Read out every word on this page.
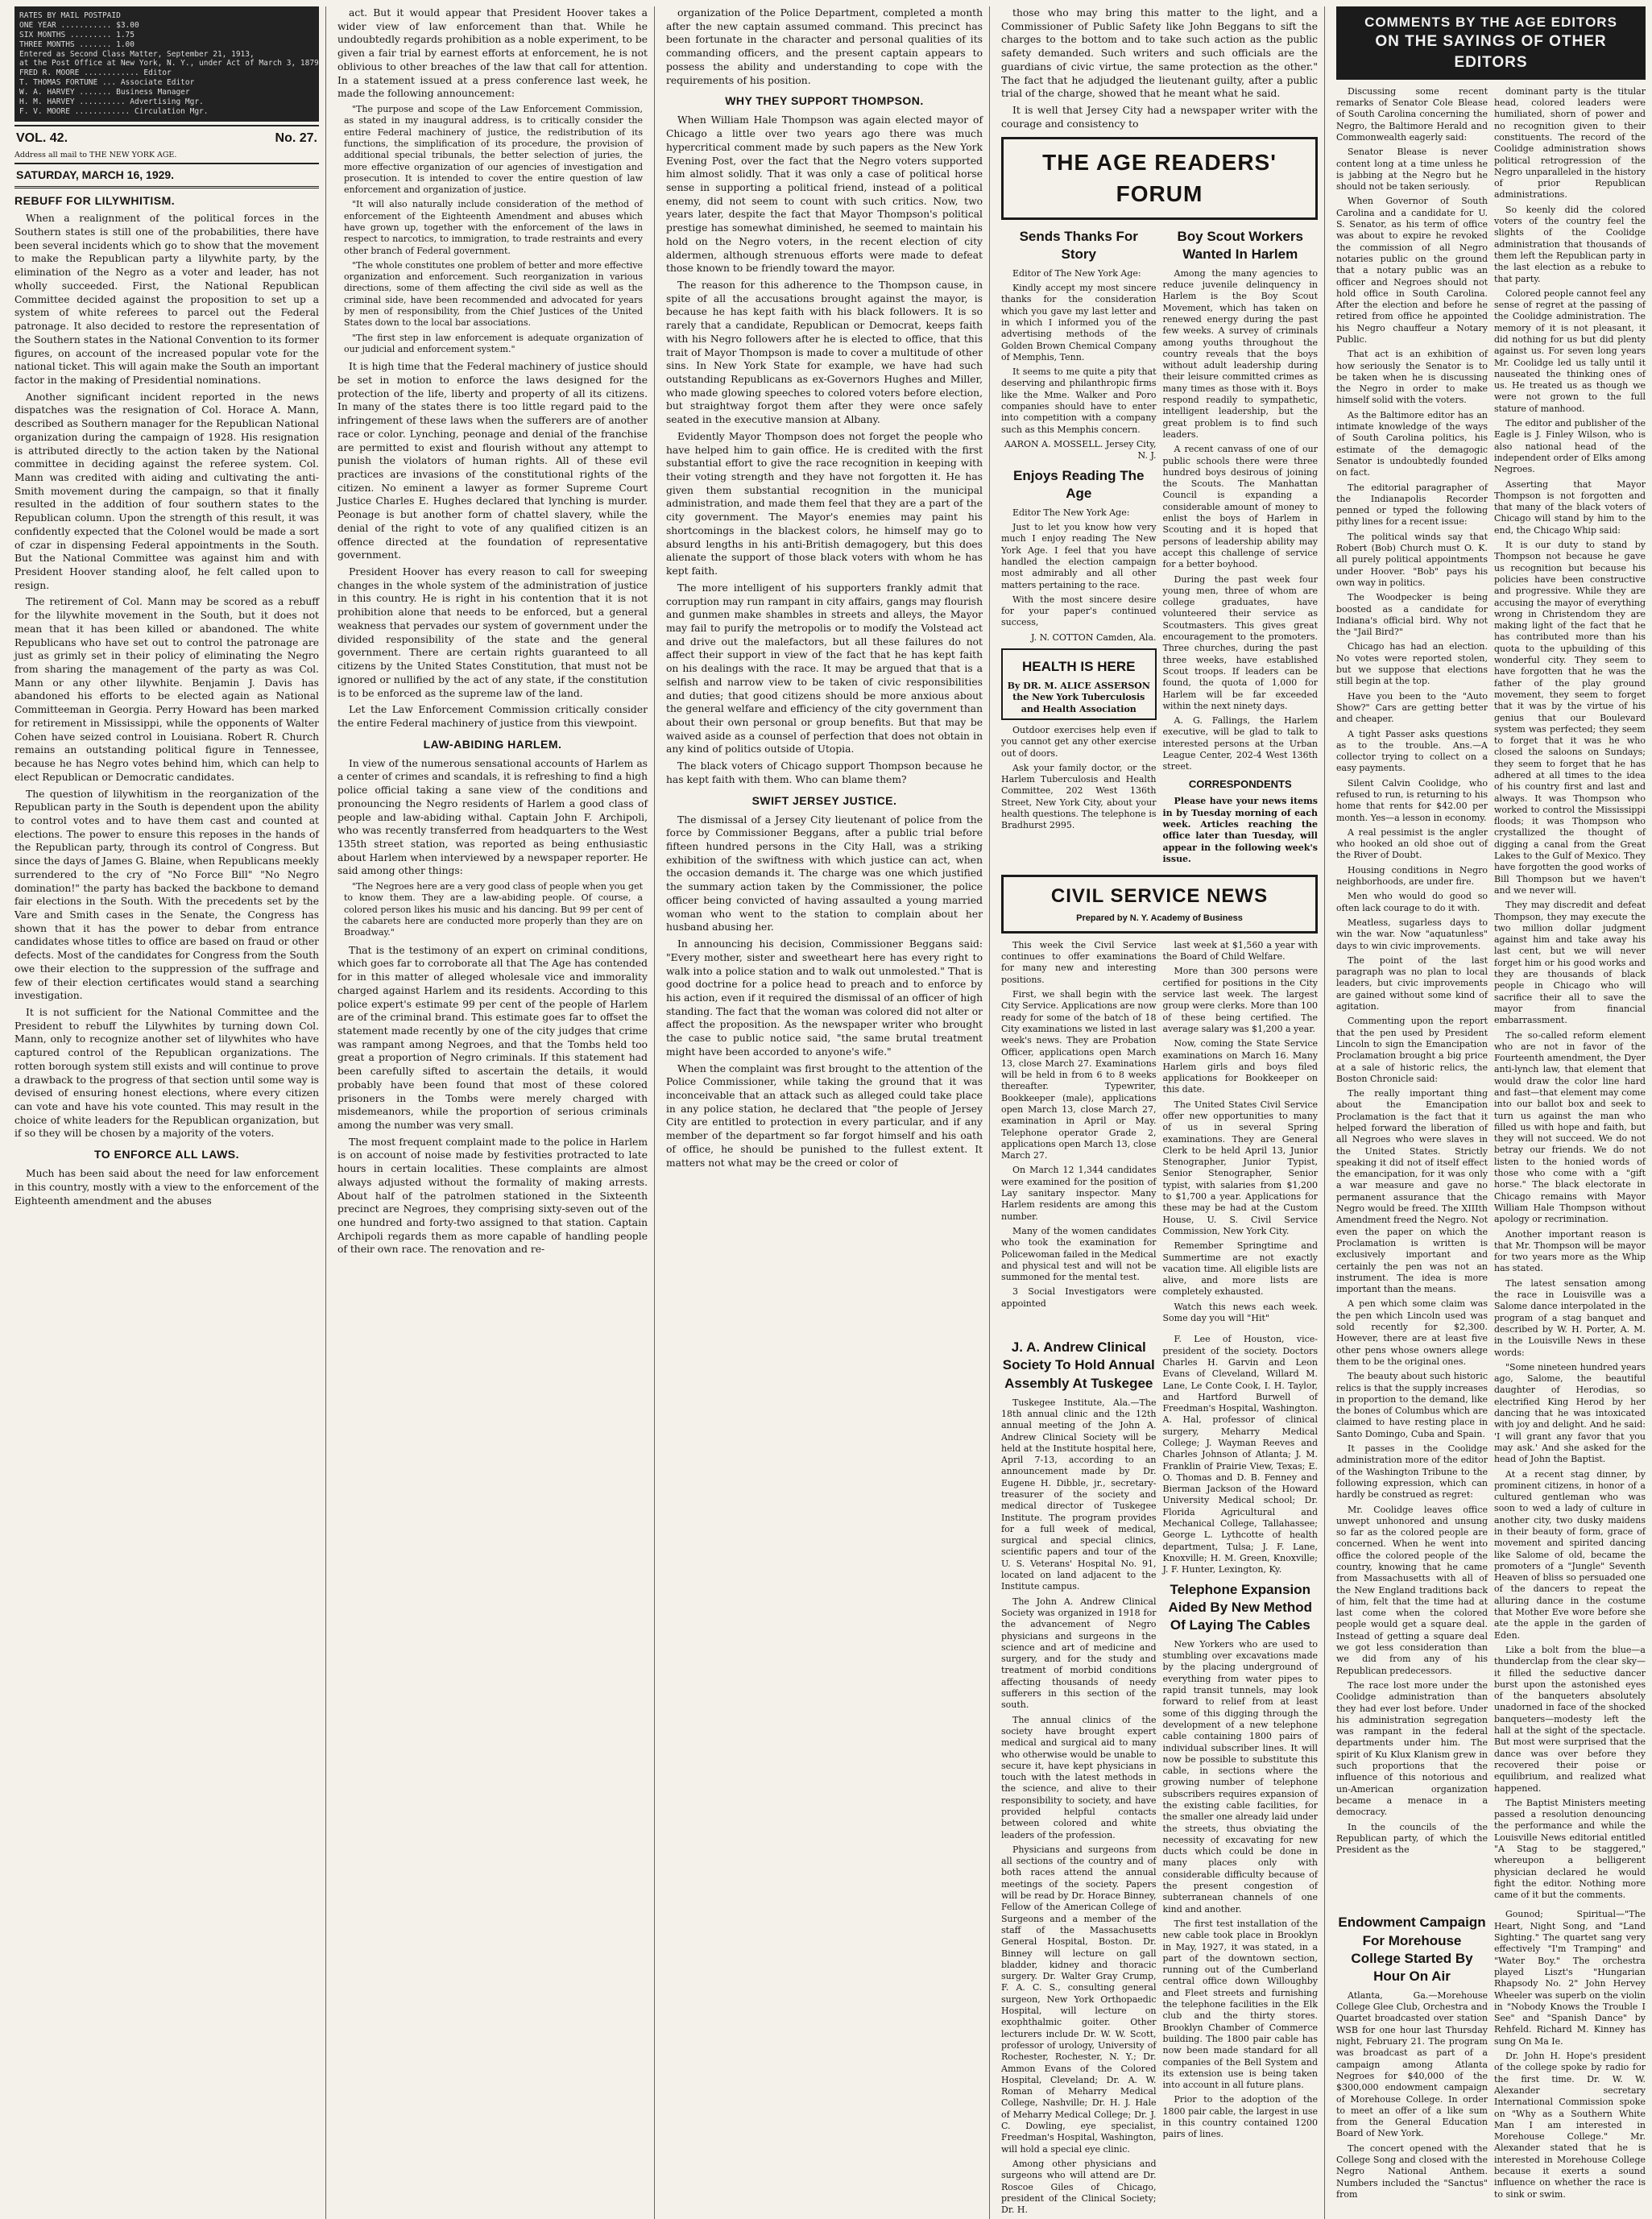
RATES BY MAIL POSTPAID
ONE YEAR ........... $3.00
SIX MONTHS ......... 1.75
THREE MONTHS ....... 1.00
Entered as Second Class Matter, September 21, 1913,
at the Post Office at New York, N. Y., under Act of March 3, 1879
FRED R. MOORE ............ Editor
T. THOMAS FORTUNE ... Associate Editor
W. A. HARVEY ....... Business Manager
H. M. HARVEY .......... Advertising Mgr.
F. V. MOORE ............ Circulation Mgr.
VOL. 42.	No. 27.
Address all mail to THE NEW YORK AGE.
SATURDAY, MARCH 16, 1929.
REBUFF FOR LILYWHITISM.

When a realignment of the political forces in the Southern states is still one of the probabilities, there have been several incidents which go to show that the movement to make the Republican party a lilywhite party, by the elimination of the Negro as a voter and leader, has not wholly succeeded. First, the National Republican Committee decided against the proposition to set up a system of white referees to parcel out the Federal patronage. It also decided to restore the representation of the Southern states in the National Convention to its former figures, on account of the increased popular vote for the national ticket. This will again make the South an important factor in the making of Presidential nominations.

Another significant incident reported in the news dispatches was the resignation of Col. Horace A. Mann, described as Southern manager for the Republican National organization during the campaign of 1928. His resignation is attributed directly to the action taken by the National committee in deciding against the referee system. Col. Mann was credited with aiding and cultivating the anti-Smith movement during the campaign, so that it finally resulted in the addition of four southern states to the Republican column. Upon the strength of this result, it was confidently expected that the Colonel would be made a sort of czar in dispensing Federal appointments in the South. But the National Committee was against him and with President Hoover standing aloof, he felt called upon to resign.

The retirement of Col. Mann may be scored as a rebuff for the lilywhite movement in the South, but it does not mean that it has been killed or abandoned. The white Republicans who have set out to control the patronage are just as grimly set in their policy of eliminating the Negro from sharing the management of the party as was Col. Mann or any other lilywhite. Benjamin J. Davis has abandoned his efforts to be elected again as National Committeeman in Georgia. Perry Howard has been marked for retirement in Mississippi, while the opponents of Walter Cohen have seized control in Louisiana. Robert R. Church remains an outstanding political figure in Tennessee, because he has Negro votes behind him, which can help to elect Republican or Democratic candidates.

The question of lilywhitism in the reorganization of the Republican party in the South is dependent upon the ability to control votes and to have them cast and counted at elections. The power to ensure this reposes in the hands of the Republican party, through its control of Congress. But since the days of James G. Blaine, when Republicans meekly surrendered to the cry of "No Force Bill" "No Negro domination!" the party has backed the backbone to demand fair elections in the South. With the precedents set by the Vare and Smith cases in the Senate, the Congress has shown that it has the power to debar from entrance candidates whose titles to office are based on fraud or other defects. Most of the candidates for Congress from the South owe their election to the suppression of the suffrage and few of their election certificates would stand a searching investigation.

It is not sufficient for the National Committee and the President to rebuff the Lilywhites by turning down Col. Mann, only to recognize another set of lilywhites who have captured control of the Republican organizations. The rotten borough system still exists and will continue to prove a drawback to the progress of that section until some way is devised of ensuring honest elections, where every citizen can vote and have his vote counted. This may result in the choice of white leaders for the Republican organization, but if so they will be chosen by a majority of the voters.

TO ENFORCE ALL LAWS.

Much has been said about the need for law enforcement in this country, mostly with a view to the enforcement of the Eighteenth amendment and the abuses

act. But it would appear that President Hoover takes a wider view of law enforcement than that. While he undoubtedly regards prohibition as a noble experiment, to be given a fair trial by earnest efforts at enforcement, he is not oblivious to other breaches of the law that call for attention. In a statement issued at a press conference last week, he made the following announcement:

"The purpose and scope of the Law Enforcement Commission, as stated in my inaugural address, is to critically consider the entire Federal machinery of justice, the redistribution of its functions, the simplification of its procedure, the provision of additional special tribunals, the better selection of juries, the more effective organization of our agencies of investigation and prosecution. It is intended to cover the entire question of law enforcement and organization of justice.

"It will also naturally include consideration of the method of enforcement of the Eighteenth Amendment and abuses which have grown up, together with the enforcement of the laws in respect to narcotics, to immigration, to trade restraints and every other branch of Federal government.

"The whole constitutes one problem of better and more effective organization and enforcement. Such reorganization in various directions, some of them affecting the civil side as well as the criminal side, have been recommended and advocated for years by men of responsibility, from the Chief Justices of the United States down to the local bar associations.

"The first step in law enforcement is adequate organization of our judicial and enforcement system."

It is high time that the Federal machinery of justice should be set in motion to enforce the laws designed for the protection of the life, liberty and property of all its citizens. In many of the states there is too little regard paid to the infringement of these laws when the sufferers are of another race or color. Lynching, peonage and denial of the franchise are permitted to exist and flourish without any attempt to punish the violators of human rights. All of these evil practices are invasions of the constitutional rights of the citizen. No eminent a lawyer as former Supreme Court Justice Charles E. Hughes declared that lynching is murder. Peonage is but another form of chattel slavery, while the denial of the right to vote of any qualified citizen is an offence directed at the foundation of representative government.

President Hoover has every reason to call for sweeping changes in the whole system of the administration of justice in this country. He is right in his contention that it is not prohibition alone that needs to be enforced, but a general weakness that pervades our system of government under the divided responsibility of the state and the general government. There are certain rights guaranteed to all citizens by the United States Constitution, that must not be ignored or nullified by the act of any state, if the constitution is to be enforced as the supreme law of the land.

Let the Law Enforcement Commission critically consider the entire Federal machinery of justice from this viewpoint.

LAW-ABIDING HARLEM.

In view of the numerous sensational accounts of Harlem as a center of crimes and scandals, it is refreshing to find a high police official taking a sane view of the conditions and pronouncing the Negro residents of Harlem a good class of people and law-abiding withal. Captain John F. Archipoli, who was recently transferred from headquarters to the West 135th street station, was reported as being enthusiastic about Harlem when interviewed by a newspaper reporter. He said among other things:

"The Negroes here are a very good class of people when you get to know them. They are a law-abiding people. Of course, a colored person likes his music and his dancing. But 99 per cent of the cabarets here are conducted more properly than they are on Broadway."

That is the testimony of an expert on criminal conditions, which goes far to corroborate all that The Age has contended for in this matter of alleged wholesale vice and immorality charged against Harlem and its residents. According to this police expert's estimate 99 per cent of the people of Harlem are of the criminal brand. This estimate goes far to offset the statement made recently by one of the city judges that crime was rampant among Negroes, and that the Tombs held too great a proportion of Negro criminals. If this statement had been carefully sifted to ascertain the details, it would probably have been found that most of these colored prisoners in the Tombs were merely charged with misdemeanors, while the proportion of serious criminals among the number was very small.

The most frequent complaint made to the police in Harlem is on account of noise made by festivities protracted to late hours in certain localities. These complaints are almost always adjusted without the formality of making arrests. About half of the patrolmen stationed in the Sixteenth precinct are Negroes, they comprising sixty-seven out of the one hundred and forty-two assigned to that station. Captain Archipoli regards them as more capable of handling people of their own race. The renovation and re-

organization of the Police Department, completed a month after the new captain assumed command. This precinct has been fortunate in the character and personal qualities of its commanding officers, and the present captain appears to possess the ability and understanding to cope with the requirements of his position.

WHY THEY SUPPORT THOMPSON.

When William Hale Thompson was again elected mayor of Chicago a little over two years ago there was much hypercritical comment made by such papers as the New York Evening Post, over the fact that the Negro voters supported him almost solidly. That it was only a case of political horse sense in supporting a political friend, instead of a political enemy, did not seem to count with such critics. Now, two years later, despite the fact that Mayor Thompson's political prestige has somewhat diminished, he seemed to maintain his hold on the Negro voters, in the recent election of city aldermen, although strenuous efforts were made to defeat those known to be friendly toward the mayor.

The reason for this adherence to the Thompson cause, in spite of all the accusations brought against the mayor, is because he has kept faith with his black followers. It is so rarely that a candidate, Republican or Democrat, keeps faith with his Negro followers after he is elected to office, that this trait of Mayor Thompson is made to cover a multitude of other sins. In New York State for example, we have had such outstanding Republicans as ex-Governors Hughes and Miller, who made glowing speeches to colored voters before election, but straightway forgot them after they were once safely seated in the executive mansion at Albany.

Evidently Mayor Thompson does not forget the people who have helped him to gain office. He is credited with the first substantial effort to give the race recognition in keeping with their voting strength and they have not forgotten it. He has given them substantial recognition in the municipal administration, and made them feel that they are a part of the city government. The Mayor's enemies may paint his shortcomings in the blackest colors, he himself may go to absurd lengths in his anti-British demagogery, but this does alienate the support of those black voters with whom he has kept faith.

The more intelligent of his supporters frankly admit that corruption may run rampant in city affairs, gangs may flourish and gunmen make shambles in streets and alleys, the Mayor may fail to purify the metropolis or to modify the Volstead act and drive out the malefactors, but all these failures do not affect their support in view of the fact that he has kept faith on his dealings with the race. It may be argued that that is a selfish and narrow view to be taken of civic responsibilities and duties; that good citizens should be more anxious about the general welfare and efficiency of the city government than about their own personal or group benefits. But that may be waived aside as a counsel of perfection that does not obtain in any kind of politics outside of Utopia.

The black voters of Chicago support Thompson because he has kept faith with them. Who can blame them?

SWIFT JERSEY JUSTICE.

The dismissal of a Jersey City lieutenant of police from the force by Commissioner Beggans, after a public trial before fifteen hundred persons in the City Hall, was a striking exhibition of the swiftness with which justice can act, when the occasion demands it. The charge was one which justified the summary action taken by the Commissioner, the police officer being convicted of having assaulted a young married woman who went to the station to complain about her husband abusing her.

In announcing his decision, Commissioner Beggans said: "Every mother, sister and sweetheart here has every right to walk into a police station and to walk out unmolested." That is good doctrine for a police head to preach and to enforce by his action, even if it required the dismissal of an officer of high standing. The fact that the woman was colored did not alter or affect the proposition. As the newspaper writer who brought the case to public notice said, "the same brutal treatment might have been accorded to anyone's wife."

When the complaint was first brought to the attention of the Police Commissioner, while taking the ground that it was inconceivable that an attack such as alleged could take place in any police station, he declared that "the people of Jersey City are entitled to protection in every particular, and if any member of the department so far forgot himself and his oath of office, he should be punished to the fullest extent. It matters not what may be the creed or color of

those who may bring this matter to the light, and a Commissioner of Public Safety like John Beggans to sift the charges to the bottom and to take such action as the public safety demanded. Such writers and such officials are the guardians of civic virtue, the same protection as the other." The fact that he adjudged the lieutenant guilty, after a public trial of the charge, showed that he meant what he said.

It is well that Jersey City had a newspaper writer with the courage and consistency to

THE AGE READERS' FORUM
Sends Thanks For Story

Editor of The New York Age:

Kindly accept my most sincere thanks for the consideration which you gave my last letter and in which I informed you of the advertising methods of the Golden Brown Chemical Company of Memphis, Tenn.

It seems to me quite a pity that deserving and philanthropic firms like the Mme. Walker and Poro companies should have to enter into competition with a company such as this Memphis concern.

AARON A. MOSSELL. Jersey City, N. J.
Enjoys Reading The Age

Editor The New York Age:

Just to let you know how very much I enjoy reading The New York Age. I feel that you have handled the election campaign most admirably and all other matters pertaining to the race.

With the most sincere desire for your paper's continued success,

J. N. COTTON Camden, Ala.
HEALTH IS HERE
By DR. M. ALICE ASSERSON the New York Tuberculosis and Health Association

Outdoor exercises help even if you cannot get any other exercise out of doors.

Ask your family doctor, or the Harlem Tuberculosis and Health Committee, 202 West 136th Street, New York City, about your health questions. The telephone is Bradhurst 2995.

Boy Scout Workers Wanted In Harlem

Among the many agencies to reduce juvenile delinquency in Harlem is the Boy Scout Movement, which has taken on renewed energy during the past few weeks. A survey of criminals among youths throughout the country reveals that the boys without adult leadership during their leisure committed crimes as many times as those with it. Boys respond readily to sympathetic, intelligent leadership, but the great problem is to find such leaders.

A recent canvass of one of our public schools there were three hundred boys desirous of joining the Scouts. The Manhattan Council is expanding a considerable amount of money to enlist the boys of Harlem in Scouting and it is hoped that persons of leadership ability may accept this challenge of service for a better boyhood.

During the past week four young men, three of whom are college graduates, have volunteered their service as Scoutmasters. This gives great encouragement to the promoters. Three churches, during the past three weeks, have established Scout troops. If leaders can be found, the quota of 1,000 for Harlem will be far exceeded within the next ninety days.

A. G. Fallings, the Harlem executive, will be glad to talk to interested persons at the Urban League Center, 202-4 West 136th street.

CORRESPONDENTS

Please have your news items in by Tuesday morning of each week. Articles reaching the office later than Tuesday, will appear in the following week's issue.

CIVIL SERVICE NEWS
Prepared by N. Y. Academy of Business

This week the Civil Service continues to offer examinations for many new and interesting positions.

First, we shall begin with the City Service. Applications are now ready for some of the batch of 18 City examinations we listed in last week's news. They are Probation Officer, applications open March 13, close March 27. Examinations will be held in from 6 to 8 weeks thereafter. Typewriter, Bookkeeper (male), applications open March 13, close March 27, examination in April or May. Telephone operator Grade 2, applications open March 13, close March 27.

On March 12 1,344 candidates were examined for the position of Lay sanitary inspector. Many Harlem residents are among this number.

Many of the women candidates who took the examination for Policewoman failed in the Medical and physical test and will not be summoned for the mental test.

3 Social Investigators were appointed

last week at $1,560 a year with the Board of Child Welfare.

More than 300 persons were certified for positions in the City service last week. The largest group were clerks. More than 100 of these being certified. The average salary was $1,200 a year.

Now, coming the State Service examinations on March 16. Many Harlem girls and boys filed applications for Bookkeeper on this date.

The United States Civil Service offer new opportunities to many of us in several Spring examinations. They are General Clerk to be held April 13, Junior Stenographer, Junior Typist, Senior Stenographer, Senior typist, with salaries from $1,200 to $1,700 a year. Applications for these may be had at the Custom House, U. S. Civil Service Commission, New York City.

Remember Springtime and Summertime are not exactly vacation time. All eligible lists are alive, and more lists are completely exhausted.

Watch this news each week. Some day you will "Hit"

J. A. Andrew Clinical Society To Hold Annual Assembly At Tuskegee

Tuskegee Institute, Ala.—The 18th annual clinic and the 12th annual meeting of the John A. Andrew Clinical Society will be held at the Institute hospital here, April 7-13, according to an announcement made by Dr. Eugene H. Dibble, jr., secretary-treasurer of the society and medical director of Tuskegee Institute. The program provides for a full week of medical, surgical and special clinics, scientific papers and tour of the U. S. Veterans' Hospital No. 91, located on land adjacent to the Institute campus.

The John A. Andrew Clinical Society was organized in 1918 for the advancement of Negro physicians and surgeons in the science and art of medicine and surgery, and for the study and treatment of morbid conditions affecting thousands of needy sufferers in this section of the south.

The annual clinics of the society have brought expert medical and surgical aid to many who otherwise would be unable to secure it, have kept physicians in touch with the latest methods in the science, and alive to their responsibility to society, and have provided helpful contacts between colored and white leaders of the profession.

Physicians and surgeons from all sections of the country and of both races attend the annual meetings of the society. Papers will be read by Dr. Horace Binney, Fellow of the American College of Surgeons and a member of the staff of the Massachusetts General Hospital, Boston. Dr. Binney will lecture on gall bladder, kidney and thoracic surgery. Dr. Walter Gray Crump, F. A. C. S., consulting general surgeon, New York Orthopaedic Hospital, will lecture on exophthalmic goiter. Other lecturers include Dr. W. W. Scott, professor of urology, University of Rochester, Rochester, N. Y.; Dr. Ammon Evans of the Colored Hospital, Cleveland; Dr. A. W. Roman of Meharry Medical College, Nashville; Dr. H. J. Hale of Meharry Medical College; Dr. J. C. Dowling, eye specialist, Freedman's Hospital, Washington, will hold a special eye clinic.

Among other physicians and surgeons who will attend are Dr. Roscoe Giles of Chicago, president of the Clinical Society; Dr. H.

F. Lee of Houston, vice-president of the society. Doctors Charles H. Garvin and Leon Evans of Cleveland, Willard M. Lane, Le Conte Cook, I. H. Taylor, and Hartford Burwell of Freedman's Hospital, Washington. A. Hal, professor of clinical surgery, Meharry Medical College; J. Wayman Reeves and Charles Johnson of Atlanta; J. M. Franklin of Prairie View, Texas; E. O. Thomas and D. B. Fenney and Bierman Jackson of the Howard University Medical school; Dr. Florida Agricultural and Mechanical College, Tallahassee; George L. Lythcotte of health department, Tulsa; J. F. Lane, Knoxville; H. M. Green, Knoxville; J. F. Hunter, Lexington, Ky.

Telephone Expansion Aided By New Method Of Laying The Cables

New Yorkers who are used to stumbling over excavations made by the placing underground of everything from water pipes to rapid transit tunnels, may look forward to relief from at least some of this digging through the development of a new telephone cable containing 1800 pairs of individual subscriber lines. It will now be possible to substitute this cable, in sections where the growing number of telephone subscribers requires expansion of the existing cable facilities, for the smaller one already laid under the streets, thus obviating the necessity of excavating for new ducts which could be done in many places only with considerable difficulty because of the present congestion of subterranean channels of one kind and another.

The first test installation of the new cable took place in Brooklyn in May, 1927, it was stated, in a part of the downtown section, running out of the Cumberland central office down Willoughby and Fleet streets and furnishing the telephone facilities in the Elk club and the thirty stores. Brooklyn Chamber of Commerce building. The 1800 pair cable has now been made standard for all companies of the Bell System and its extension use is being taken into account in all future plans.

Prior to the adoption of the 1800 pair cable, the largest in use in this country contained 1200 pairs of lines.

COMMENTS BY THE AGE EDITORS
ON THE SAYINGS OF OTHER EDITORS

Discussing some recent remarks of Senator Cole Blease of South Carolina concerning the Negro, the Baltimore Herald and Commonwealth eagerly said:

Senator Blease is never content long at a time unless he is jabbing at the Negro but he should not be taken seriously.

When Governor of South Carolina and a candidate for U. S. Senator, as his term of office was about to expire he revoked the commission of all Negro notaries public on the ground that a notary public was an officer and Negroes should not hold office in South Carolina. After the election and before he retired from office he appointed his Negro chauffeur a Notary Public.

That act is an exhibition of how seriously the Senator is to be taken when he is discussing the Negro in order to make himself solid with the voters.

As the Baltimore editor has an intimate knowledge of the ways of South Carolina politics, his estimate of the demagogic Senator is undoubtedly founded on fact.

The editorial paragrapher of the Indianapolis Recorder penned or typed the following pithy lines for a recent issue:

The political winds say that Robert (Bob) Church must O. K. all purely political appointments under Hoover. "Bob" pays his own way in politics.

The Woodpecker is being boosted as a candidate for Indiana's official bird. Why not the "Jail Bird?"

Chicago has had an election. No votes were reported stolen, but we suppose that elections still begin at the top.

Have you been to the "Auto Show?" Cars are getting better and cheaper.

A tight Passer asks questions as to the trouble. Ans.—A collector trying to collect on a easy payments.

Silent Calvin Coolidge, who refused to run, is returning to his home that rents for $42.00 per month. Yes—a lesson in economy.

A real pessimist is the angler who hooked an old shoe out of the River of Doubt.

Housing conditions in Negro neighborhoods, are under fire.

Men who would do good so often lack courage to do it with.

Meatless, sugarless days to win the war. Now "aquatunless" days to win civic improvements.

The point of the last paragraph was no plan to local leaders, but civic improvements are gained without some kind of agitation.

Commenting upon the report that the pen used by President Lincoln to sign the Emancipation Proclamation brought a big price at a sale of historic relics, the Boston Chronicle said:

The really important thing about the Emancipation Proclamation is the fact that it helped forward the liberation of all Negroes who were slaves in the United States. Strictly speaking it did not of itself effect the emancipation, for it was only a war measure and gave no permanent assurance that the Negro would be freed. The XIIIth Amendment freed the Negro. Not even the paper on which the Proclamation is written is exclusively important and certainly the pen was not an instrument. The idea is more important than the means.

A pen which some claim was the pen which Lincoln used was sold recently for $2,300. However, there are at least five other pens whose owners allege them to be the original ones.

The beauty about such historic relics is that the supply increases in proportion to the demand, like the bones of Columbus which are claimed to have resting place in Santo Domingo, Cuba and Spain.

It passes in the Coolidge administration more of the editor of the Washington Tribune to the following expression, which can hardly be construed as regret:

Mr. Coolidge leaves office unwept unhonored and unsung so far as the colored people are concerned. When he went into office the colored people of the country, knowing that he came from Massachusetts with all of the New England traditions back of him, felt that the time had at last come when the colored people would get a square deal. Instead of getting a square deal we got less consideration than we did from any of his Republican predecessors.

The race lost more under the Coolidge administration than they had ever lost before. Under his administration segregation was rampant in the federal departments under him. The spirit of Ku Klux Klanism grew in such proportions that the influence of this notorious and un-American organization became a menace in a democracy.

In the councils of the Republican party, of which the President as the

dominant party is the titular head, colored leaders were humiliated, shorn of power and no recognition given to their constituents. The record of the Coolidge administration shows political retrogression of the Negro unparalleled in the history of prior Republican administrations.

So keenly did the colored voters of the country feel the slights of the Coolidge administration that thousands of them left the Republican party in the last election as a rebuke to that party.

Colored people cannot feel any sense of regret at the passing of the Coolidge administration. The memory of it is not pleasant, it did nothing for us but did plenty against us. For seven long years Mr. Coolidge led us tally until it nauseated the thinking ones of us. He treated us as though we were not grown to the full stature of manhood.

The editor and publisher of the Eagle is J. Finley Wilson, who is also national head of the independent order of Elks among Negroes.

Asserting that Mayor Thompson is not forgotten and that many of the black voters of Chicago will stand by him to the end, the Chicago Whip said:

It is our duty to stand by Thompson not because he gave us recognition but because his policies have been constructive and progressive. While they are accusing the mayor of everything wrong in Christendom they are making light of the fact that he has contributed more than his quota to the upbuilding of this wonderful city. They seem to have forgotten that he was the father of the play ground movement, they seem to forget that it was by the virtue of his genius that our Boulevard system was perfected; they seem to forget that it was he who closed the saloons on Sundays; they seem to forget that he has adhered at all times to the idea of his country first and last and always. It was Thompson who worked to control the Mississippi floods; it was Thompson who crystallized the thought of digging a canal from the Great Lakes to the Gulf of Mexico. They have forgotten the good works of Bill Thompson but we haven't and we never will.

They may discredit and defeat Thompson, they may execute the two million dollar judgment against him and take away his last cent, but we will never forget him or his good works and they are thousands of black people in Chicago who will sacrifice their all to save the mayor from financial embarrassment.

The so-called reform element who are not in favor of the Fourteenth amendment, the Dyer anti-lynch law, that element that would draw the color line hard and fast—that element may come into our ballot box and seek to turn us against the man who filled us with hope and faith, but they will not succeed. We do not betray our friends. We do not listen to the honied words of those who come with a "gift horse." The black electorate in Chicago remains with Mayor William Hale Thompson without apology or recrimination.

Another important reason is that Mr. Thompson will be mayor for two years more as the Whip has stated.

The latest sensation among the race in Louisville was a Salome dance interpolated in the program of a stag banquet and described by W. H. Porter, A. M. in the Louisville News in these words:

"Some nineteen hundred years ago, Salome, the beautiful daughter of Herodias, so electrified King Herod by her dancing that he was intoxicated with joy and delight. And he said: 'I will grant any favor that you may ask.' And she asked for the head of John the Baptist.

At a recent stag dinner, by prominent citizens, in honor of a cultured gentleman who was soon to wed a lady of culture in another city, two dusky maidens in their beauty of form, grace of movement and spirited dancing like Salome of old, became the promoters of a "Jungle" Seventh Heaven of bliss so persuaded one of the dancers to repeat the alluring dance in the costume that Mother Eve wore before she ate the apple in the garden of Eden.

Like a bolt from the blue—a thunderclap from the clear sky—it filled the seductive dancer burst upon the astonished eyes of the banqueters absolutely unadorned in face of the shocked banqueters—modesty left the hall at the sight of the spectacle. But most were surprised that the dance was over before they recovered their poise or equilibrium, and realized what happened.

The Baptist Ministers meeting passed a resolution denouncing the performance and while the Louisville News editorial entitled "A Stag to be staggered," whereupon a belligerent physician declared he would fight the editor. Nothing more came of it but the comments.

Endowment Campaign For Morehouse College Started By Hour On Air

Atlanta, Ga.—Morehouse College Glee Club, Orchestra and Quartet broadcasted over station WSB for one hour last Thursday night, February 21. The program was broadcast as part of a campaign among Atlanta Negroes for $40,000 of the $300,000 endowment campaign of Morehouse College. In order to meet an offer of a like sum from the General Education Board of New York.

The concert opened with the College Song and closed with the Negro National Anthem. Numbers included the "Sanctus" from

Gounod; Spiritual—"The Heart, Night Song, and "Land Sighting." The quartet sang very effectively "I'm Tramping" and "Water Boy." The orchestra played Liszt's "Hungarian Rhapsody No. 2" John Hervey Wheeler was superb on the violin in "Nobody Knows the Trouble I See" and "Spanish Dance" by Rehfeld. Richard M. Kinney has sung On Ma Ie.

Dr. John H. Hope's president of the college spoke by radio for the first time. Dr. W. W. Alexander secretary International Commission spoke on "Why as a Southern White Man I am interested in Morehouse College." Mr. Alexander stated that he is interested in Morehouse College because it exerts a sound influence on whether the race is to sink or swim.
